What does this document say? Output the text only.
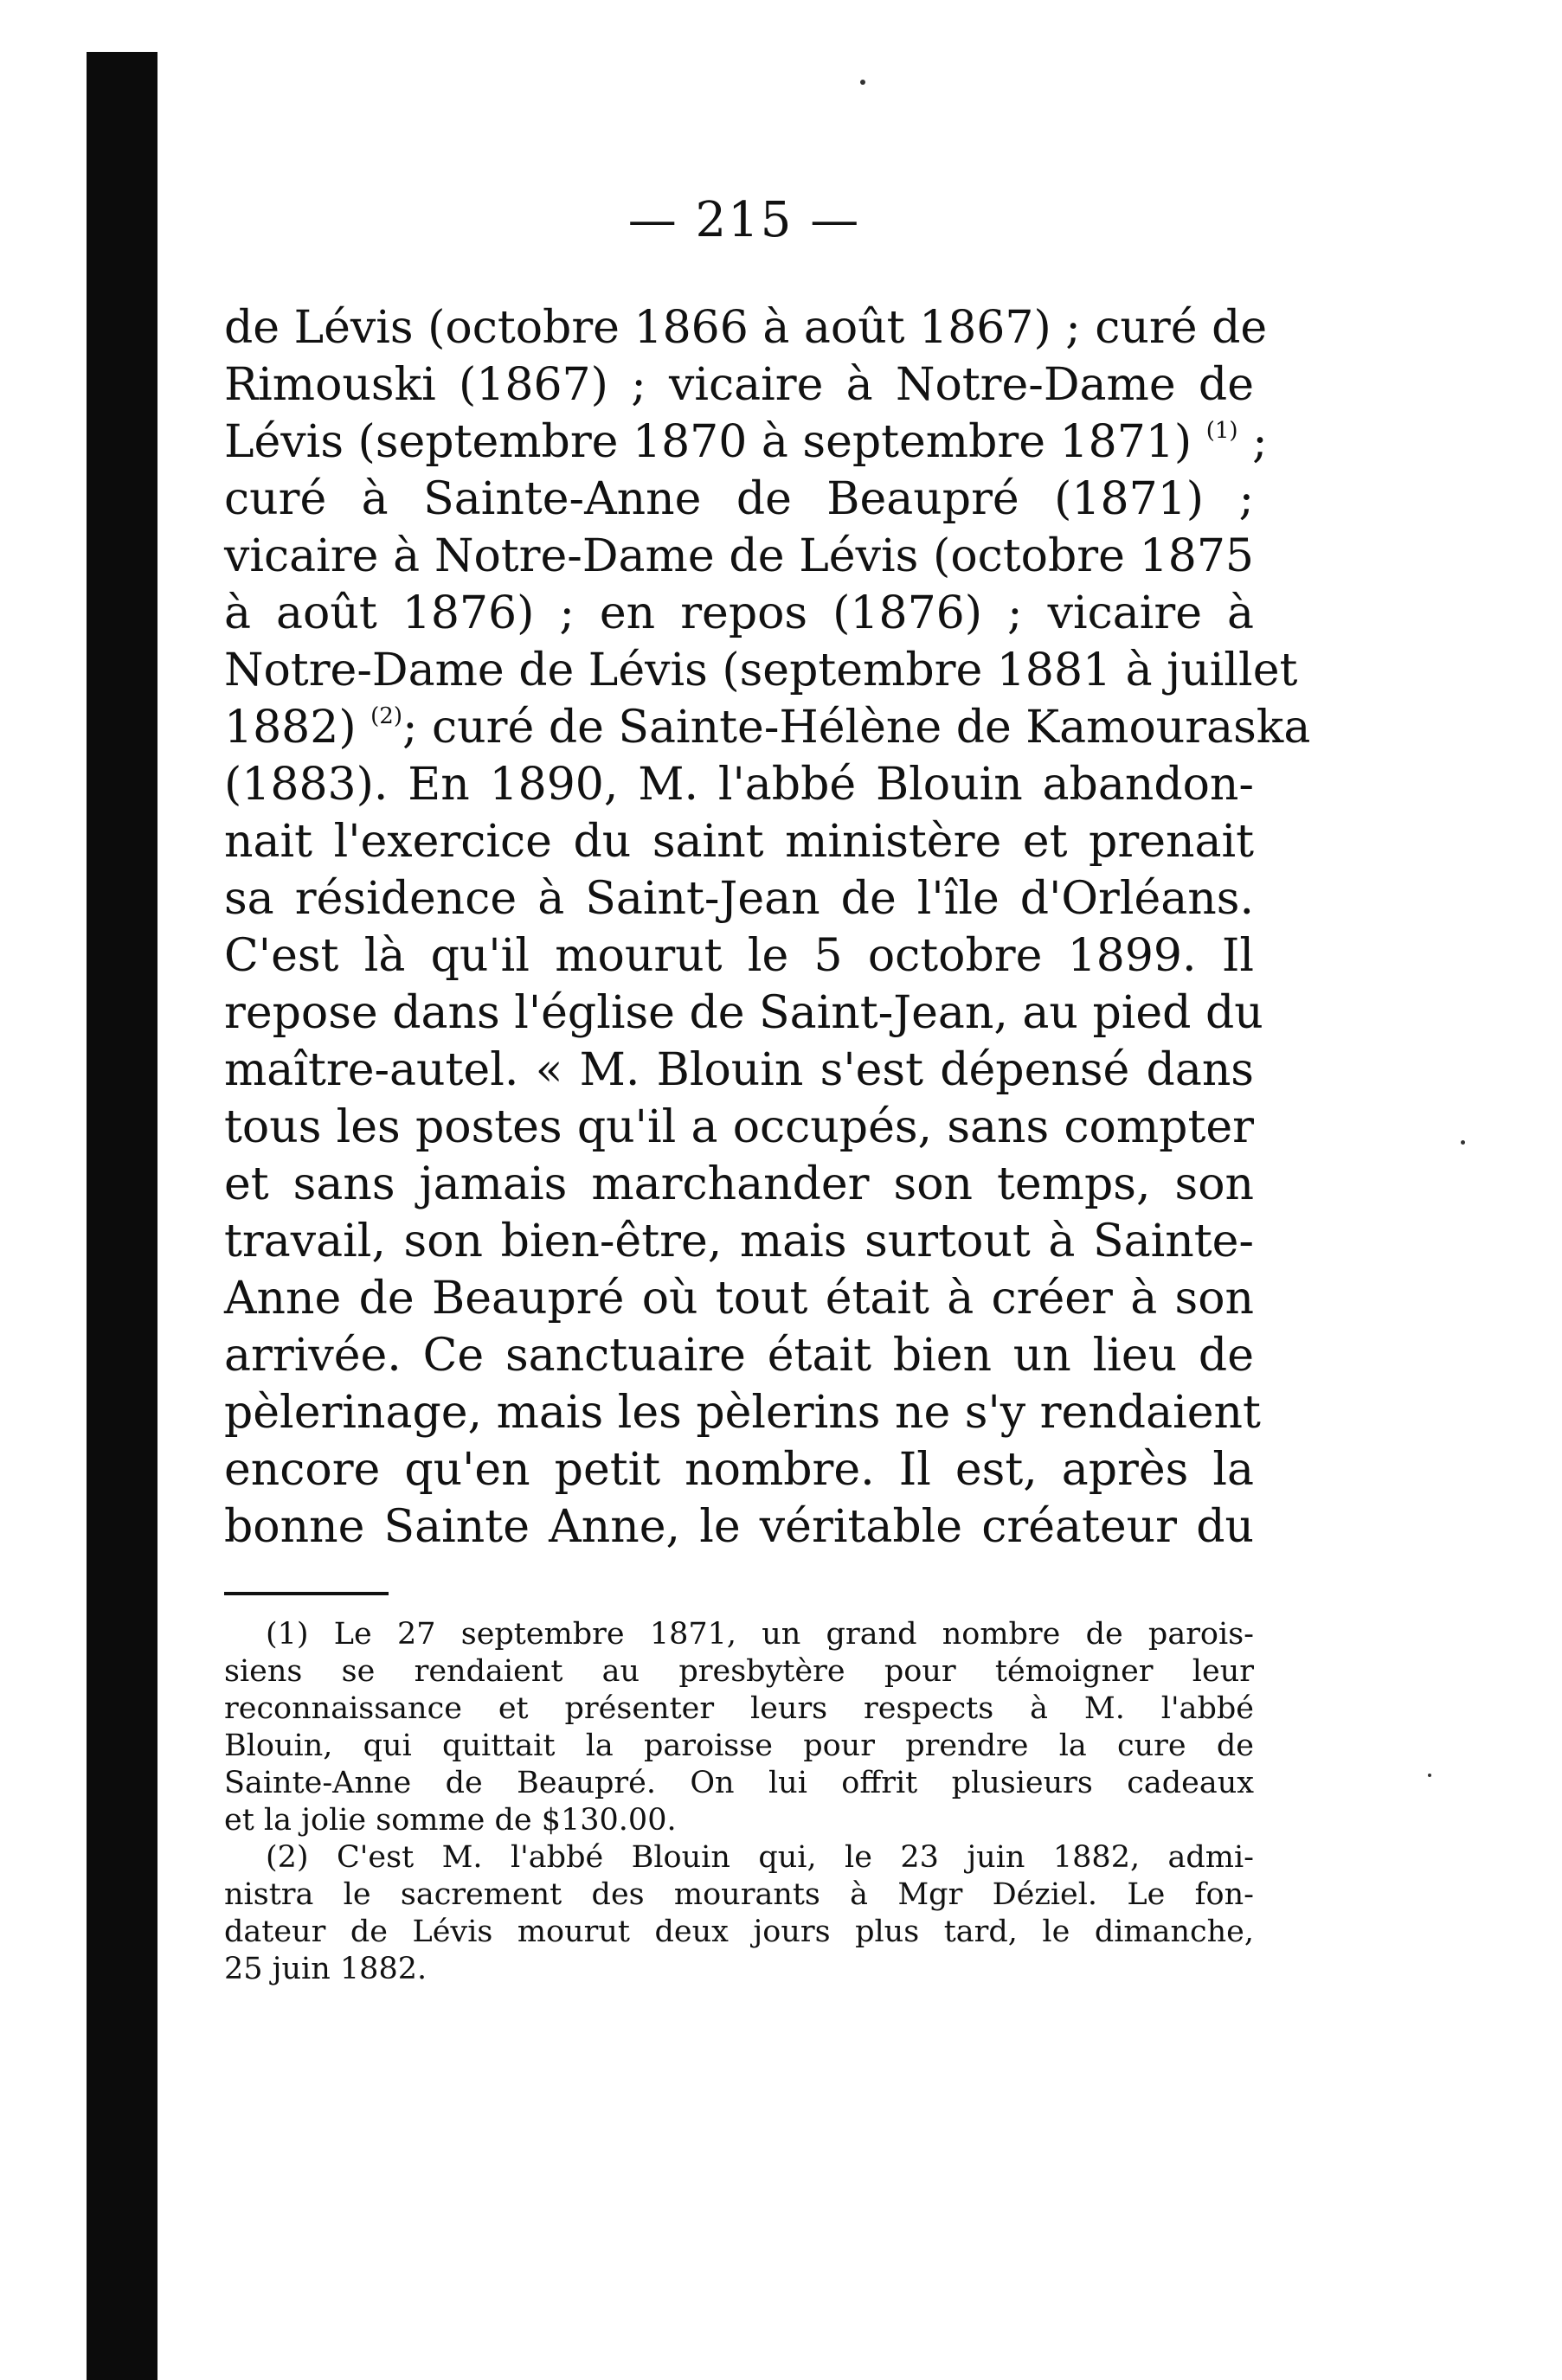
— 215 —
de Lévis (octobre 1866 à août 1867) ; curé de
Rimouski (1867) ; vicaire à Notre-Dame de
Lévis (septembre 1870 à septembre 1871) $^{(1)}$ ;
curé à Sainte-Anne de Beaupré (1871) ;
vicaire à Notre-Dame de Lévis (octobre 1875
à août 1876) ; en repos (1876) ; vicaire à
Notre-Dame de Lévis (septembre 1881 à juillet
1882) $^{(2)}$; curé de Sainte-Hélène de Kamouraska
(1883). En 1890, M. l'abbé Blouin abandon-
nait l'exercice du saint ministère et prenait
sa résidence à Saint-Jean de l'île d'Orléans.
C'est là qu'il mourut le 5 octobre 1899. Il
repose dans l'église de Saint-Jean, au pied du
maître-autel. « M. Blouin s'est dépensé dans
tous les postes qu'il a occupés, sans compter
et sans jamais marchander son temps, son
travail, son bien-être, mais surtout à Sainte-
Anne de Beaupré où tout était à créer à son
arrivée. Ce sanctuaire était bien un lieu de
pèlerinage, mais les pèlerins ne s'y rendaient
encore qu'en petit nombre. Il est, après la
bonne Sainte Anne, le véritable créateur du
(1) Le 27 septembre 1871, un grand nombre de parois-
siens se rendaient au presbytère pour témoigner leur
reconnaissance et présenter leurs respects à M. l'abbé
Blouin, qui quittait la paroisse pour prendre la cure de
Sainte-Anne de Beaupré. On lui offrit plusieurs cadeaux
et la jolie somme de $130.00.
(2) C'est M. l'abbé Blouin qui, le 23 juin 1882, admi-
nistra le sacrement des mourants à Mgr Déziel. Le fon-
dateur de Lévis mourut deux jours plus tard, le dimanche,
25 juin 1882.
